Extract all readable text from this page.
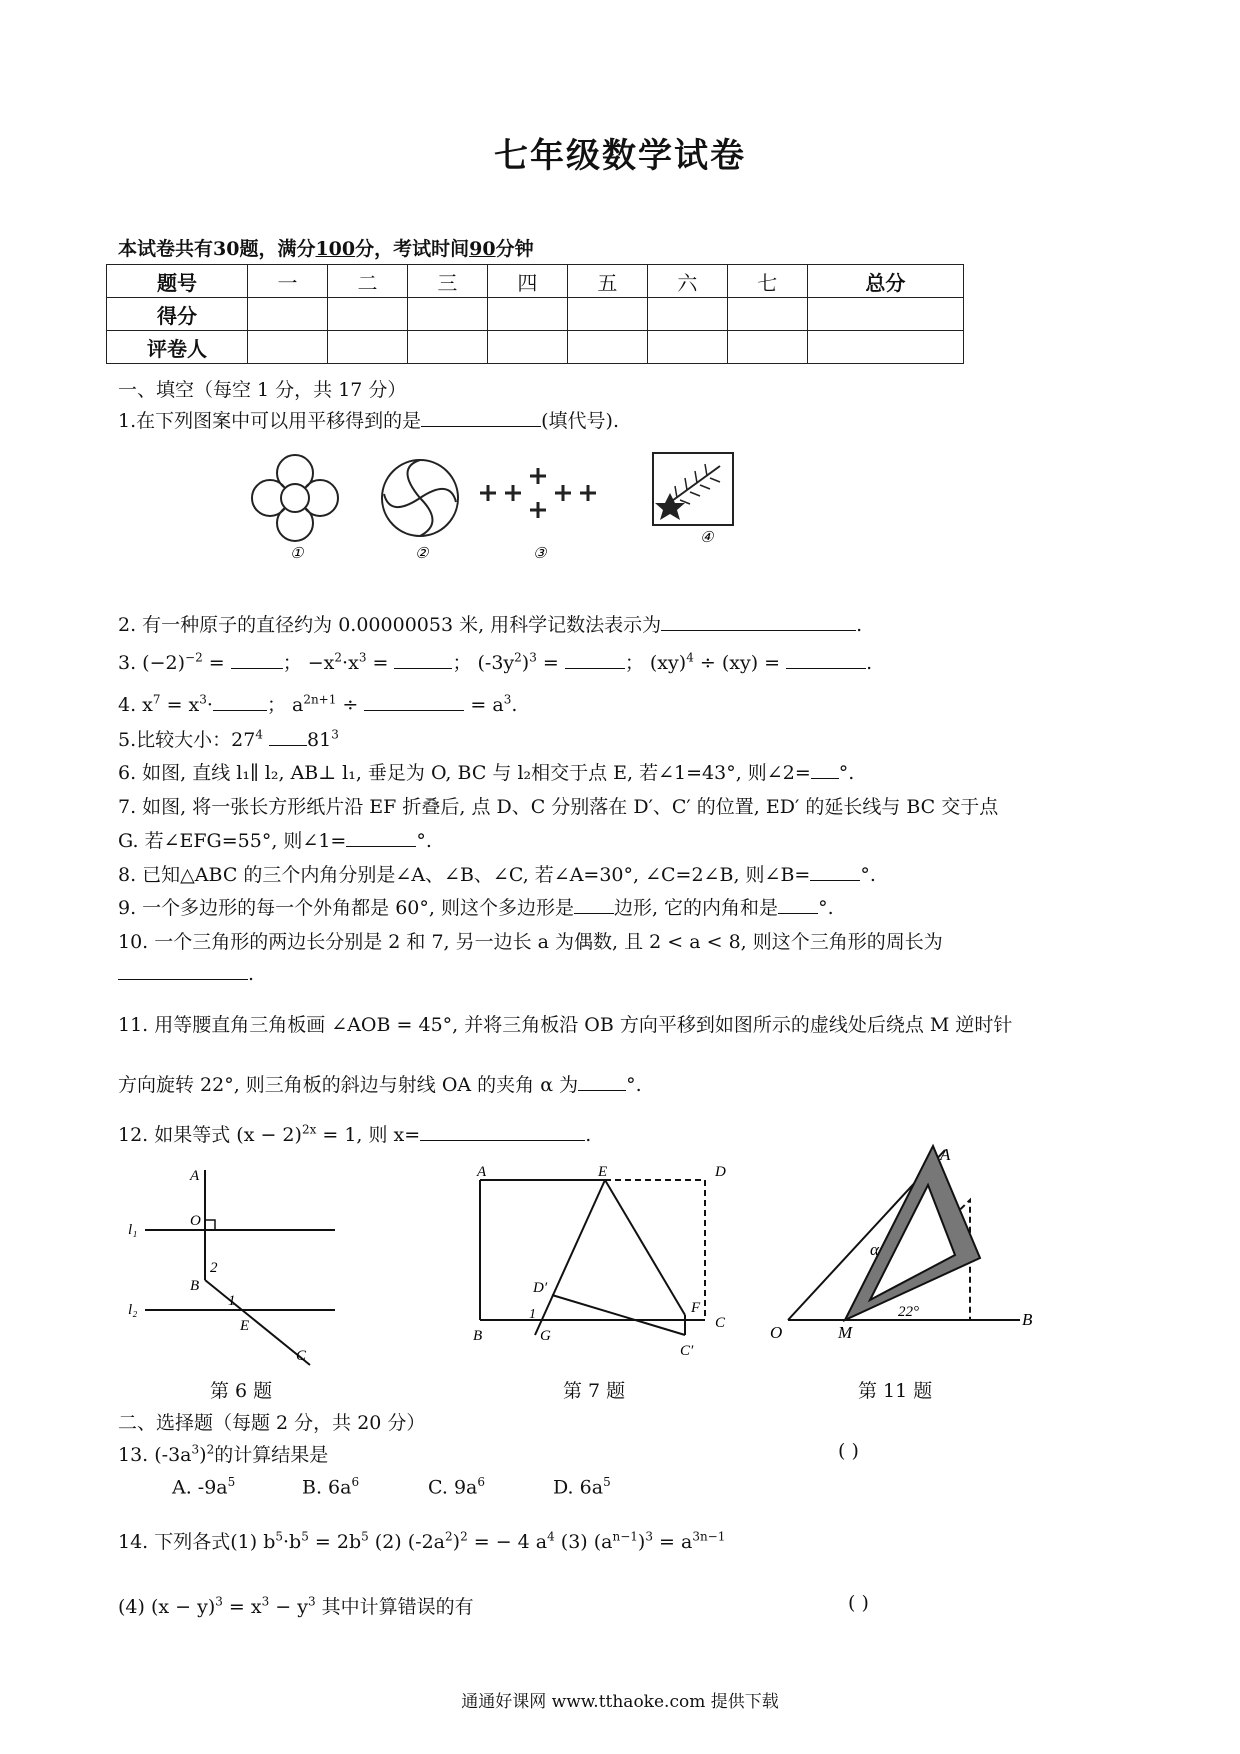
七年级数学试卷
本试卷共有30题，满分100分，考试时间90分钟
题号	一	二	三	四	五	六	七	总分
得分								
评卷人								
一、填空（每空 1 分，共 17 分）
1.在下列图案中可以用平移得到的是	(填代号).
①	②	③
④
2. 有一种原子的直径约为 0.00000053 米, 用科学记数法表示为	.
3. $(-2)^{-2}$ =	； $-x^2\cdot x^3$ =	； $(-3y^2)^3$ =	； (xy)$^4$ ÷ (xy) =	.
4. $x^7 = x^3\cdot$	； $a^{2n+1}$ ÷	= $a^3$.
5.比较大小：$27^4$ $81^3$
6. 如图, 直线 l₁∥ l₂, AB⊥ l₁, 垂足为 O, BC 与 l₂相交于点 E, 若∠1=43°, 则∠2= °.
7. 如图, 将一张长方形纸片沿 EF 折叠后, 点 D、C 分别落在 D′、C′ 的位置, ED′ 的延长线与 BC 交于点
G. 若∠EFG=55°, 则∠1=	°.
8. 已知△ABC 的三个内角分别是∠A、∠B、∠C, 若∠A=30°, ∠C=2∠B, 则∠B=	°.
9. 一个多边形的每一个外角都是 60°, 则这个多边形是 边形, 它的内角和是 °.
10. 一个三角形的两边长分别是 2 和 7, 另一边长 a 为偶数, 且 2 < a < 8, 则这个三角形的周长为
.
11. 用等腰直角三角板画 ∠AOB = 45°, 并将三角板沿 OB 方向平移到如图所示的虚线处后绕点 M 逆时针
方向旋转 22°, 则三角板的斜边与射线 OA 的夹角 α 为	°.
12. 如果等式 $(x - 2)^{2x} = 1$, 则 x=	.
A
O
l₁
B
2
1
l₂
E
C
A	E	D
D′
1
B	G
F
C
C′
A
α
22°
O	M
B
第 6 题	第 7 题	第 11 题
二、选择题（每题 2 分，共 20 分）
13. $(-3a^3)^2$的计算结果是	( )
A. $-9a^5$	B. $6a^6$	C. $9a^6$	D. $6a^5$
14. 下列各式(1) $b^5\cdot b^5 = 2b^5$ (2) $(-2a^2)^2$ = − 4 $a^4$ (3) $(a^{n-1})^3 = a^{3n-1}$
(4) $(x - y)^3 = x^3 - y^3$ 其中计算错误的有	( )
通通好课网 www.tthaoke.com 提供下载
